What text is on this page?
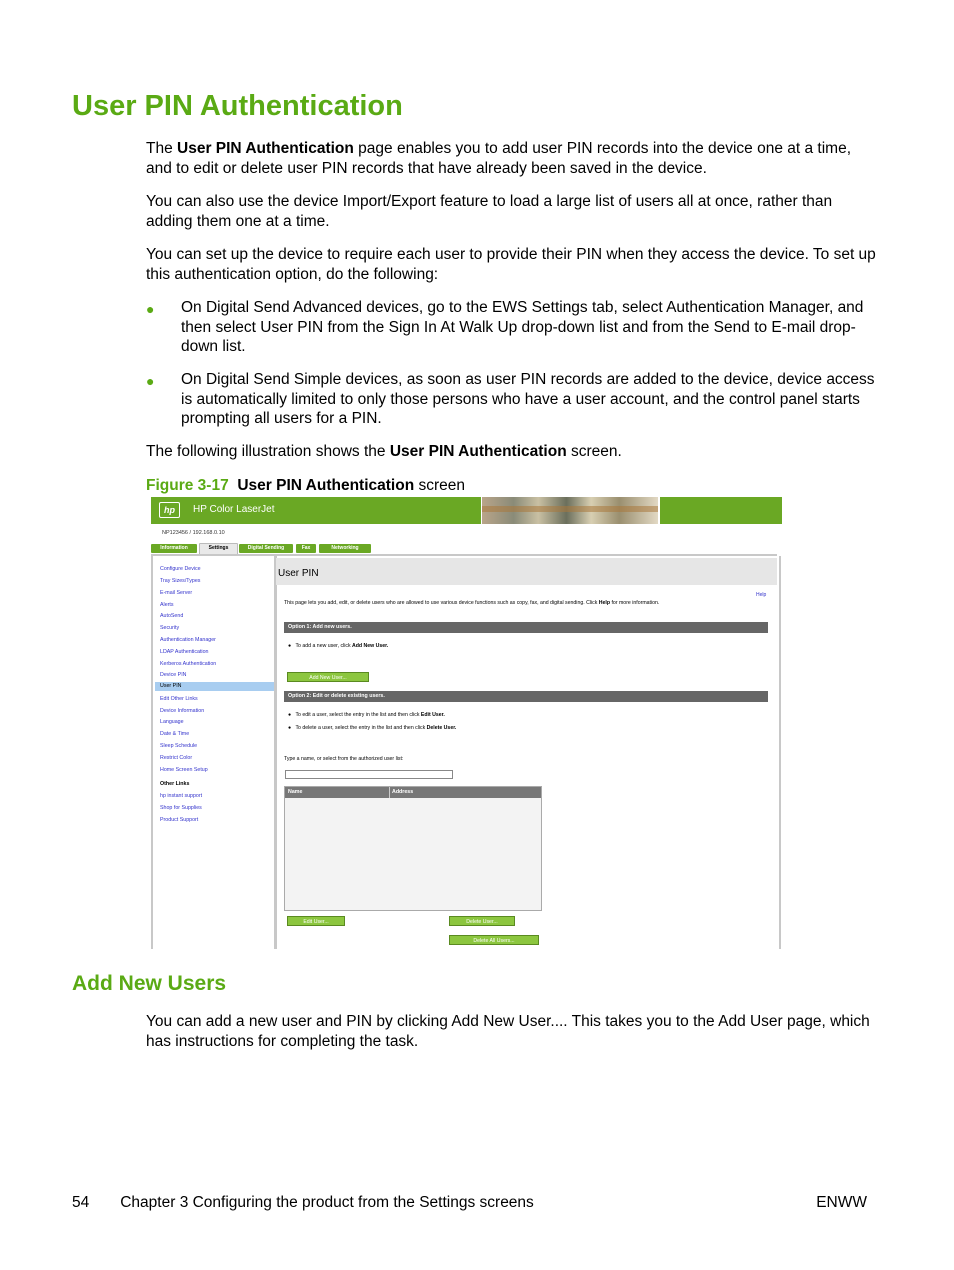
User PIN Authentication
The User PIN Authentication page enables you to add user PIN records into the device one at a time, and to edit or delete user PIN records that have already been saved in the device.
You can also use the device Import/Export feature to load a large list of users all at once, rather than adding them one at a time.
You can set up the device to require each user to provide their PIN when they access the device. To set up this authentication option, do the following:
● On Digital Send Advanced devices, go to the EWS Settings tab, select Authentication Manager, and then select User PIN from the Sign In At Walk Up drop-down list and from the Send to E-mail drop-down list.
● On Digital Send Simple devices, as soon as user PIN records are added to the device, device access is automatically limited to only those persons who have a user account, and the control panel starts prompting all users for a PIN.
The following illustration shows the User PIN Authentication screen.
Figure 3-17 User PIN Authentication screen
hp	HP Color LaserJet
NP123456 / 192.168.0.10
Information	Settings	Digital Sending	Fax	Networking
Configure Device
Tray Sizes/Types
E-mail Server
Alerts
AutoSend
Security
Authentication Manager
LDAP Authentication
Kerberos Authentication
Device PIN
User PIN
Edit Other Links
Device Information
Language
Date & Time
Sleep Schedule
Restrict Color
Home Screen Setup
Other Links
hp instant support
Shop for Supplies
Product Support
User PIN
Help
This page lets you add, edit, or delete users who are allowed to use various device functions such as copy, fax, and digital sending. Click Help for more information.
Option 1: Add new users.
●   To add a new user, click Add New User.
Add New User...
Option 2: Edit or delete existing users.
●   To edit a user, select the entry in the list and then click Edit User.
●   To delete a user, select the entry in the list and then click Delete User.
Type a name, or select from the authorized user list:
Name	Address
Edit User...	Delete User...
Delete All Users...
Add New Users
You can add a new user and PIN by clicking Add New User.... This takes you to the Add User page, which has instructions for completing the task.
54  Chapter 3 Configuring the product from the Settings screens	ENWW
